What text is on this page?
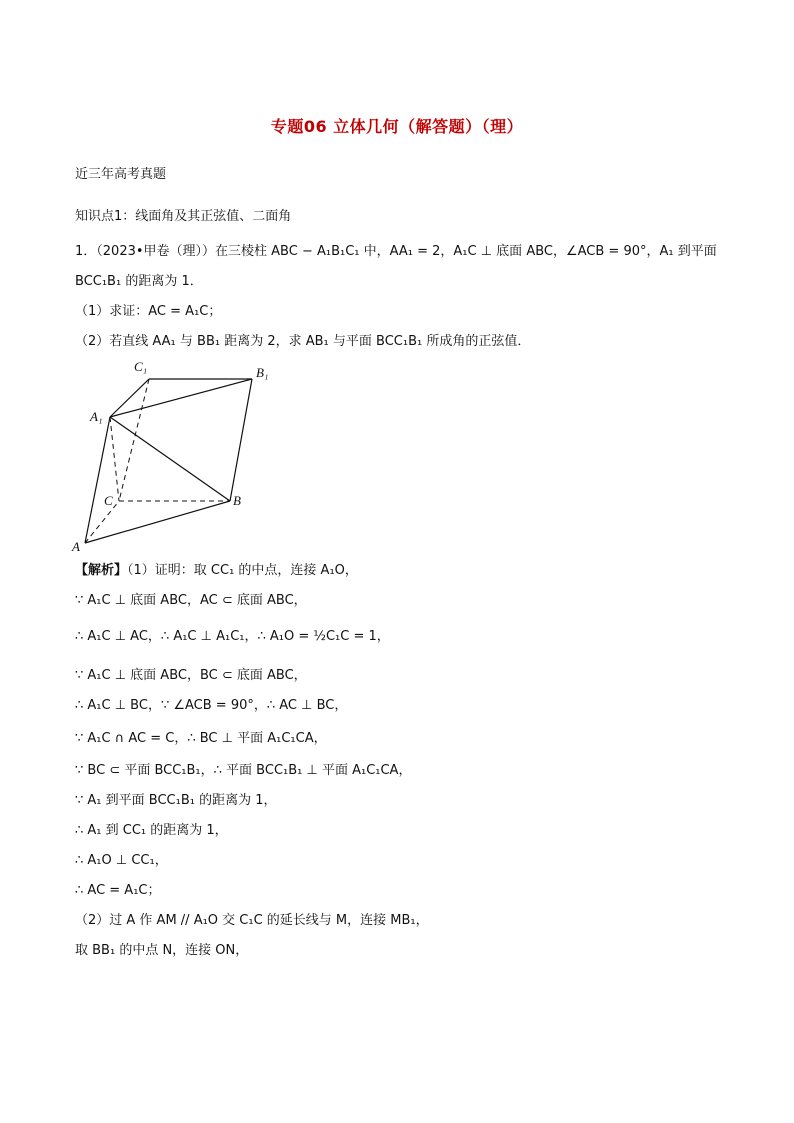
专题06 立体几何（解答题）（理）
近三年高考真题
知识点1：线面角及其正弦值、二面角
1．（2023•甲卷（理））在三棱柱 ABC − A₁B₁C₁ 中，AA₁ = 2，A₁C ⊥ 底面 ABC，∠ACB = 90°，A₁ 到平面
BCC₁B₁ 的距离为 1．
（1）求证：AC = A₁C；
（2）若直线 AA₁ 与 BB₁ 距离为 2，求 AB₁ 与平面 BCC₁B₁ 所成角的正弦值．
C₁	B₁
A₁
C	B
A
【解析】（1）证明：取 CC₁ 的中点，连接 A₁O，
∵ A₁C ⊥ 底面 ABC，AC ⊂ 底面 ABC，
∴ A₁C ⊥ AC，∴ A₁C ⊥ A₁C₁，∴ A₁O = ½C₁C = 1，
∵ A₁C ⊥ 底面 ABC，BC ⊂ 底面 ABC，
∴ A₁C ⊥ BC，∵ ∠ACB = 90°，∴ AC ⊥ BC，
∵ A₁C ∩ AC = C，∴ BC ⊥ 平面 A₁C₁CA，
∵ BC ⊂ 平面 BCC₁B₁，∴ 平面 BCC₁B₁ ⊥ 平面 A₁C₁CA，
∵ A₁ 到平面 BCC₁B₁ 的距离为 1，
∴ A₁ 到 CC₁ 的距离为 1，
∴ A₁O ⊥ CC₁，
∴ AC = A₁C；
（2）过 A 作 AM // A₁O 交 C₁C 的延长线与 M，连接 MB₁，
取 BB₁ 的中点 N，连接 ON，
